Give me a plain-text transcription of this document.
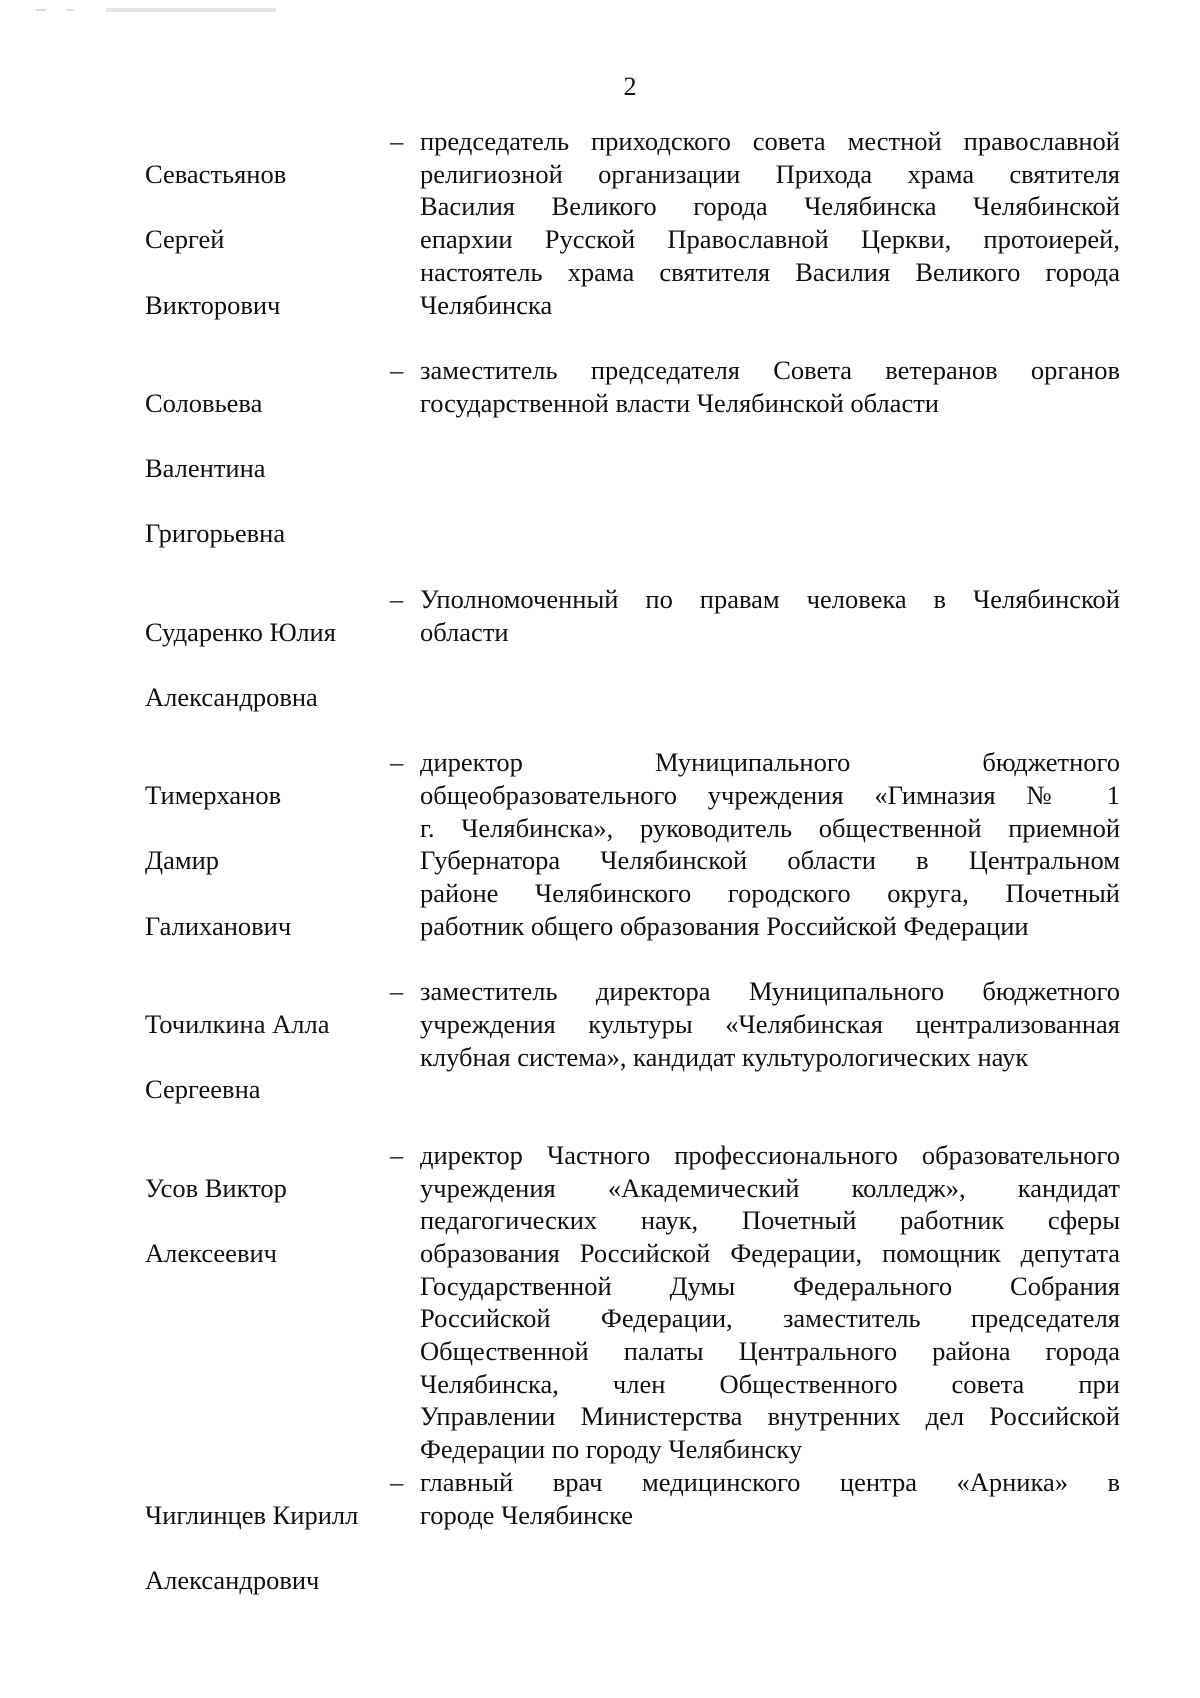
2

Севастьянов

Сергей

Викторович

– председатель приходского совета местной православной
религиозной организации Прихода храма святителя
Василия Великого города Челябинска Челябинской
епархии Русской Православной Церкви, протоиерей,
настоятель храма святителя Василия Великого города
Челябинска

Соловьева

Валентина

Григорьевна

– заместитель председателя Совета ветеранов органов
государственной власти Челябинской области

Сударенко Юлия

Александровна

– Уполномоченный по правам человека в Челябинской
области

Тимерханов

Дамир

Галиханович

– директор Муниципального бюджетного
общеобразовательного учреждения «Гимназия № 1
г. Челябинска», руководитель общественной приемной
Губернатора Челябинской области в Центральном
районе Челябинского городского округа, Почетный
работник общего образования Российской Федерации

Точилкина Алла

Сергеевна

– заместитель директора Муниципального бюджетного
учреждения культуры «Челябинская централизованная
клубная система», кандидат культурологических наук

Усов Виктор

Алексеевич

– директор Частного профессионального образовательного
учреждения «Академический колледж», кандидат
педагогических наук, Почетный работник сферы
образования Российской Федерации, помощник депутата
Государственной Думы Федерального Собрания
Российской Федерации, заместитель председателя
Общественной палаты Центрального района города
Челябинска, член Общественного совета при
Управлении Министерства внутренних дел Российской
Федерации по городу Челябинску

Чиглинцев Кирилл

Александрович

– главный врач медицинского центра «Арника» в
городе Челябинске
